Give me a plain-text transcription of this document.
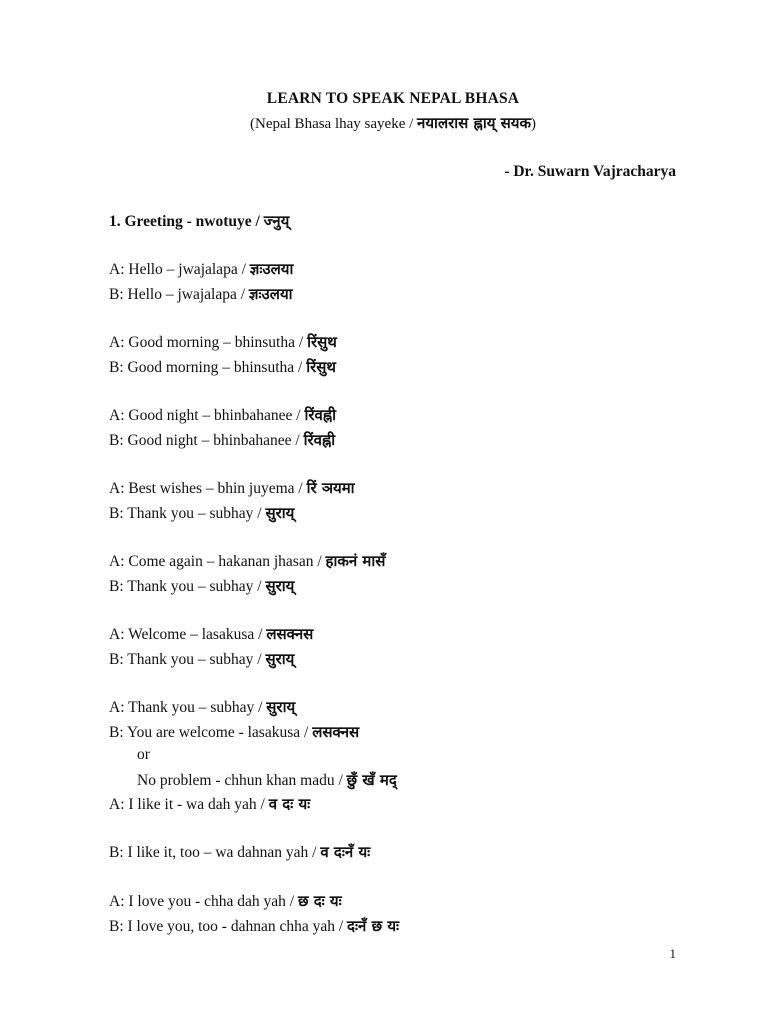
LEARN TO SPEAK NEPAL BHASA
(Nepal Bhasa lhay sayeke / नयालरास ह्नाय् सयक)
- Dr. Suwarn Vajracharya
1. Greeting - nwotuye / ज्नुय्
A: Hello – jwajalapa / ज्ञःउलया
B: Hello – jwajalapa / ज्ञःउलया
A: Good morning – bhinsutha / रिंसुथ
B: Good morning – bhinsutha / रिंसुथ
A: Good night – bhinbahanee / रिंवह्नी
B: Good night – bhinbahanee / रिंवह्नी
A: Best wishes – bhin juyema / रिं ञयमा
B: Thank you – subhay / सुराय्
A: Come again – hakanan jhasan / हाकनं मासँ
B: Thank you – subhay / सुराय्
A: Welcome – lasakusa / लसक्नस
B: Thank you – subhay / सुराय्
A: Thank you – subhay / सुराय्
B: You are welcome - lasakusa / लसक्नस
or
No problem - chhun khan madu / छुँ खँ मद्
A: I like it - wa dah yah / व दः यः
B: I like it, too – wa dahnan yah / व दःनँ यः
A: I love you - chha dah yah / छ दः यः
B: I love you, too - dahnan chha yah / दःनँ छ यः
1
